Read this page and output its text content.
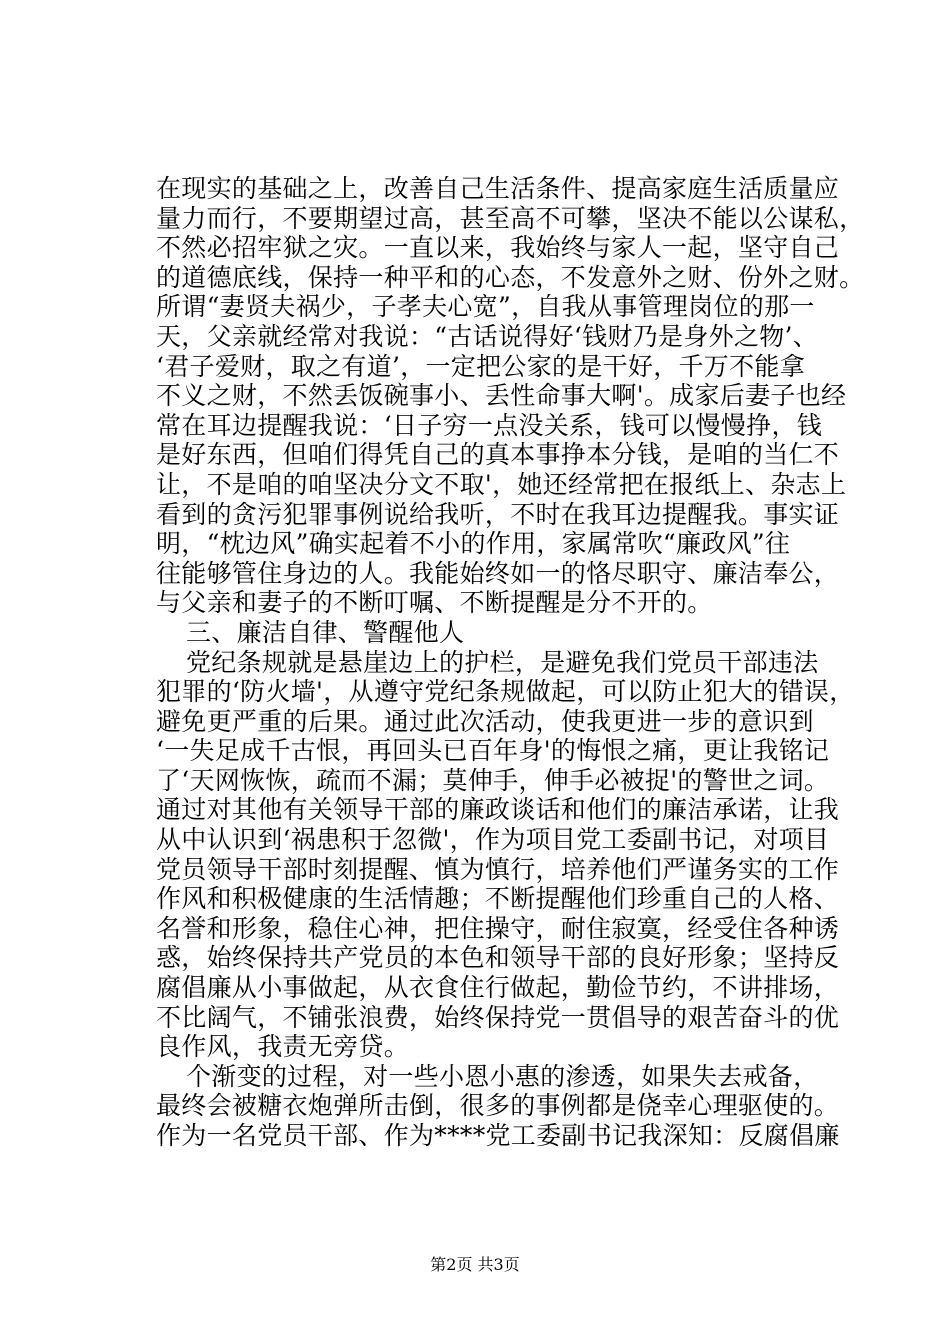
在现实的基础之上，改善自己生活条件、提高家庭生活质量应
量力而行，不要期望过高，甚至高不可攀，坚决不能以公谋私，
不然必招牢狱之灾。一直以来，我始终与家人一起，坚守自己
的道德底线，保持一种平和的心态，不发意外之财、份外之财。
所谓“妻贤夫祸少，子孝夫心宽”，自我从事管理岗位的那一
天，父亲就经常对我说：“古话说得好‘钱财乃是身外之物’、
‘君子爱财，取之有道’，一定把公家的是干好，千万不能拿
不义之财，不然丢饭碗事小、丢性命事大啊'。成家后妻子也经
常在耳边提醒我说：‘日子穷一点没关系，钱可以慢慢挣，钱
是好东西，但咱们得凭自己的真本事挣本分钱，是咱的当仁不
让，不是咱的咱坚决分文不取'，她还经常把在报纸上、杂志上
看到的贪污犯罪事例说给我听，不时在我耳边提醒我。事实证
明，“枕边风”确实起着不小的作用，家属常吹“廉政风”往
往能够管住身边的人。我能始终如一的恪尽职守、廉洁奉公，
与父亲和妻子的不断叮嘱、不断提醒是分不开的。
三、廉洁自律、警醒他人
党纪条规就是悬崖边上的护栏，是避免我们党员干部违法
犯罪的‘防火墙'，从遵守党纪条规做起，可以防止犯大的错误，
避免更严重的后果。通过此次活动，使我更进一步的意识到
‘一失足成千古恨，再回头已百年身'的悔恨之痛，更让我铭记
了‘天网恢恢，疏而不漏；莫伸手，伸手必被捉'的警世之词。
通过对其他有关领导干部的廉政谈话和他们的廉洁承诺，让我
从中认识到‘祸患积于忽微'，作为项目党工委副书记，对项目
党员领导干部时刻提醒、慎为慎行，培养他们严谨务实的工作
作风和积极健康的生活情趣；不断提醒他们珍重自己的人格、
名誉和形象，稳住心神，把住操守，耐住寂寞，经受住各种诱
惑，始终保持共产党员的本色和领导干部的良好形象；坚持反
腐倡廉从小事做起，从衣食住行做起，勤俭节约，不讲排场，
不比阔气，不铺张浪费，始终保持党一贯倡导的艰苦奋斗的优
良作风，我责无旁贷。
个渐变的过程，对一些小恩小惠的渗透，如果失去戒备，
最终会被糖衣炮弹所击倒，很多的事例都是侥幸心理驱使的。
作为一名党员干部、作为****党工委副书记我深知：反腐倡廉
第2页 共3页
